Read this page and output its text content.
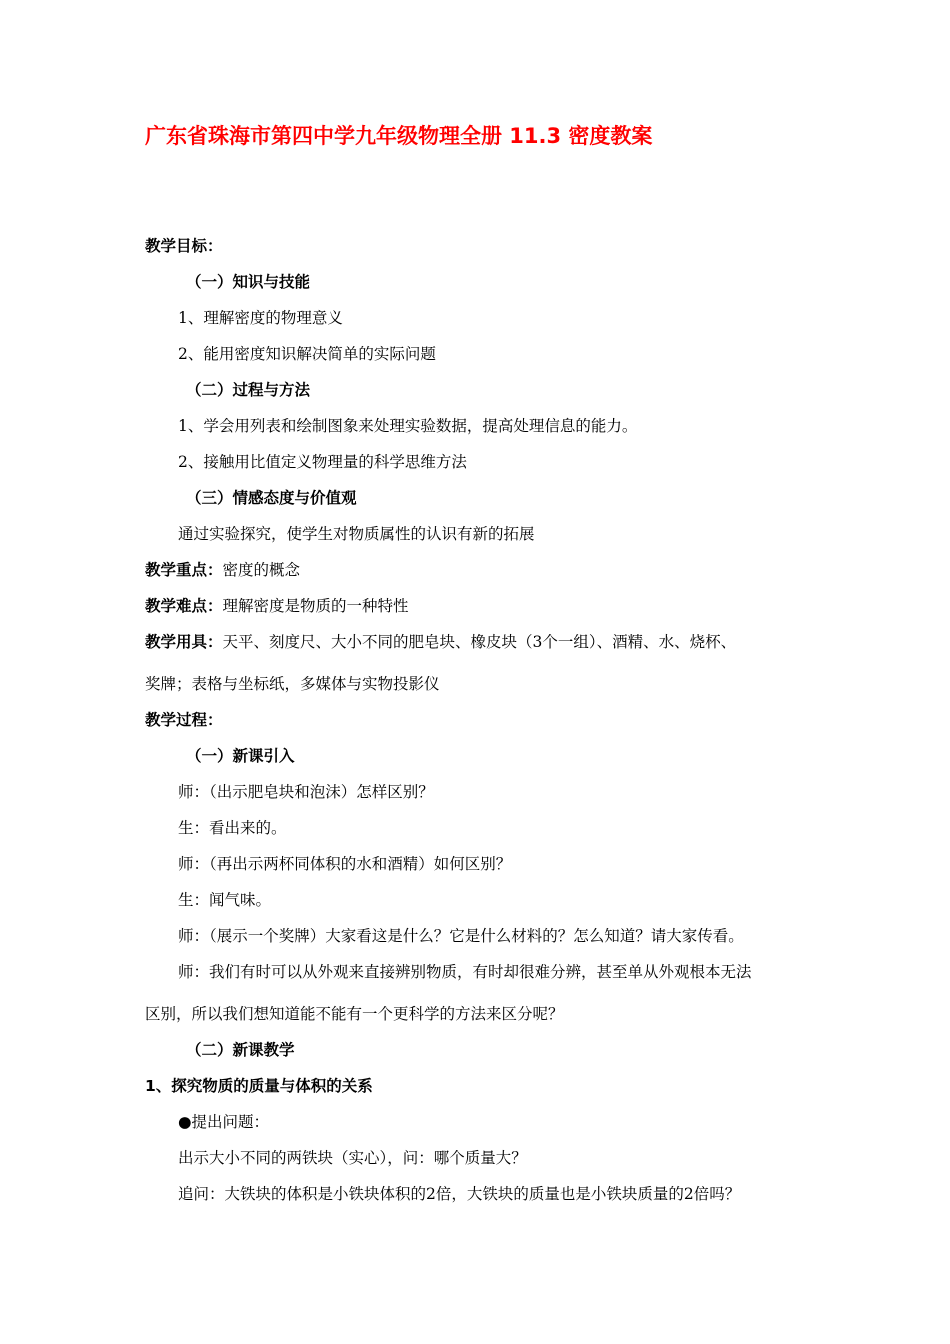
广东省珠海市第四中学九年级物理全册 11.3 密度教案
教学目标：
（一）知识与技能
1、理解密度的物理意义
2、能用密度知识解决简单的实际问题
（二）过程与方法
1、学会用列表和绘制图象来处理实验数据，提高处理信息的能力。
2、接触用比值定义物理量的科学思维方法
（三）情感态度与价值观
通过实验探究，使学生对物质属性的认识有新的拓展
教学重点：密度的概念
教学难点：理解密度是物质的一种特性
教学用具：天平、刻度尺、大小不同的肥皂块、橡皮块（3个一组）、酒精、水、烧杯、
奖牌；表格与坐标纸，多媒体与实物投影仪
教学过程：
（一）新课引入
师：（出示肥皂块和泡沫）怎样区别？
生：看出来的。
师：（再出示两杯同体积的水和酒精）如何区别？
生：闻气味。
师：（展示一个奖牌）大家看这是什么？它是什么材料的？怎么知道？请大家传看。
师：我们有时可以从外观来直接辨别物质，有时却很难分辨，甚至单从外观根本无法
区别，所以我们想知道能不能有一个更科学的方法来区分呢？
（二）新课教学
1、探究物质的质量与体积的关系
●提出问题：
出示大小不同的两铁块（实心），问：哪个质量大？
追问：大铁块的体积是小铁块体积的2倍，大铁块的质量也是小铁块质量的2倍吗？
